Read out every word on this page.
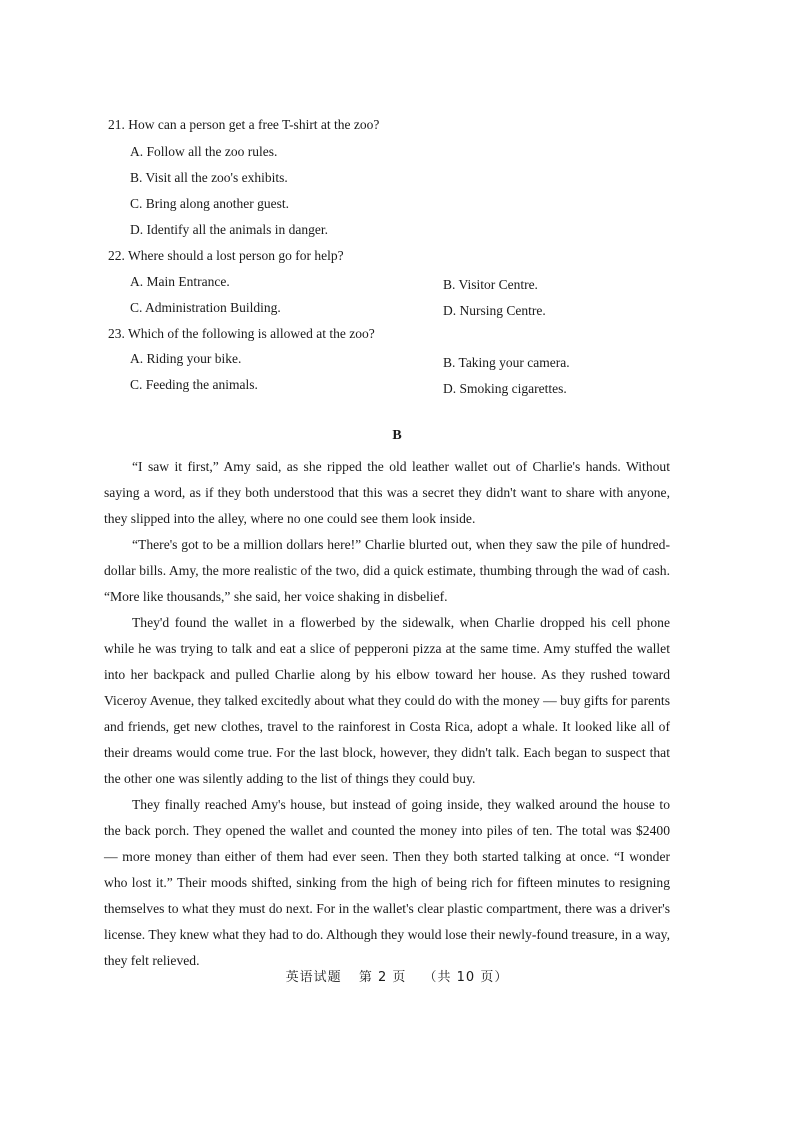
21. How can a person get a free T-shirt at the zoo?
A. Follow all the zoo rules.
B. Visit all the zoo's exhibits.
C. Bring along another guest.
D. Identify all the animals in danger.
22. Where should a lost person go for help?
A. Main Entrance.	B. Visitor Centre.
C. Administration Building.	D. Nursing Centre.
23. Which of the following is allowed at the zoo?
A. Riding your bike.	B. Taking your camera.
C. Feeding the animals.	D. Smoking cigarettes.
B

“I saw it first,” Amy said, as she ripped the old leather wallet out of Charlie's hands. Without saying a word, as if they both understood that this was a secret they didn't want to share with anyone, they slipped into the alley, where no one could see them look inside.

“There's got to be a million dollars here!” Charlie blurted out, when they saw the pile of hundred-dollar bills. Amy, the more realistic of the two, did a quick estimate, thumbing through the wad of cash. “More like thousands,” she said, her voice shaking in disbelief.

They'd found the wallet in a flowerbed by the sidewalk, when Charlie dropped his cell phone while he was trying to talk and eat a slice of pepperoni pizza at the same time. Amy stuffed the wallet into her backpack and pulled Charlie along by his elbow toward her house. As they rushed toward Viceroy Avenue, they talked excitedly about what they could do with the money — buy gifts for parents and friends, get new clothes, travel to the rainforest in Costa Rica, adopt a whale. It looked like all of their dreams would come true. For the last block, however, they didn't talk. Each began to suspect that the other one was silently adding to the list of things they could buy.

They finally reached Amy's house, but instead of going inside, they walked around the house to the back porch. They opened the wallet and counted the money into piles of ten. The total was $2400 — more money than either of them had ever seen. Then they both started talking at once. “I wonder who lost it.” Their moods shifted, sinking from the high of being rich for fifteen minutes to resigning themselves to what they must do next. For in the wallet's clear plastic compartment, there was a driver's license. They knew what they had to do. Although they would lose their newly-found treasure, in a way, they felt relieved.

英语试题 第 2 页 （共 10 页）
